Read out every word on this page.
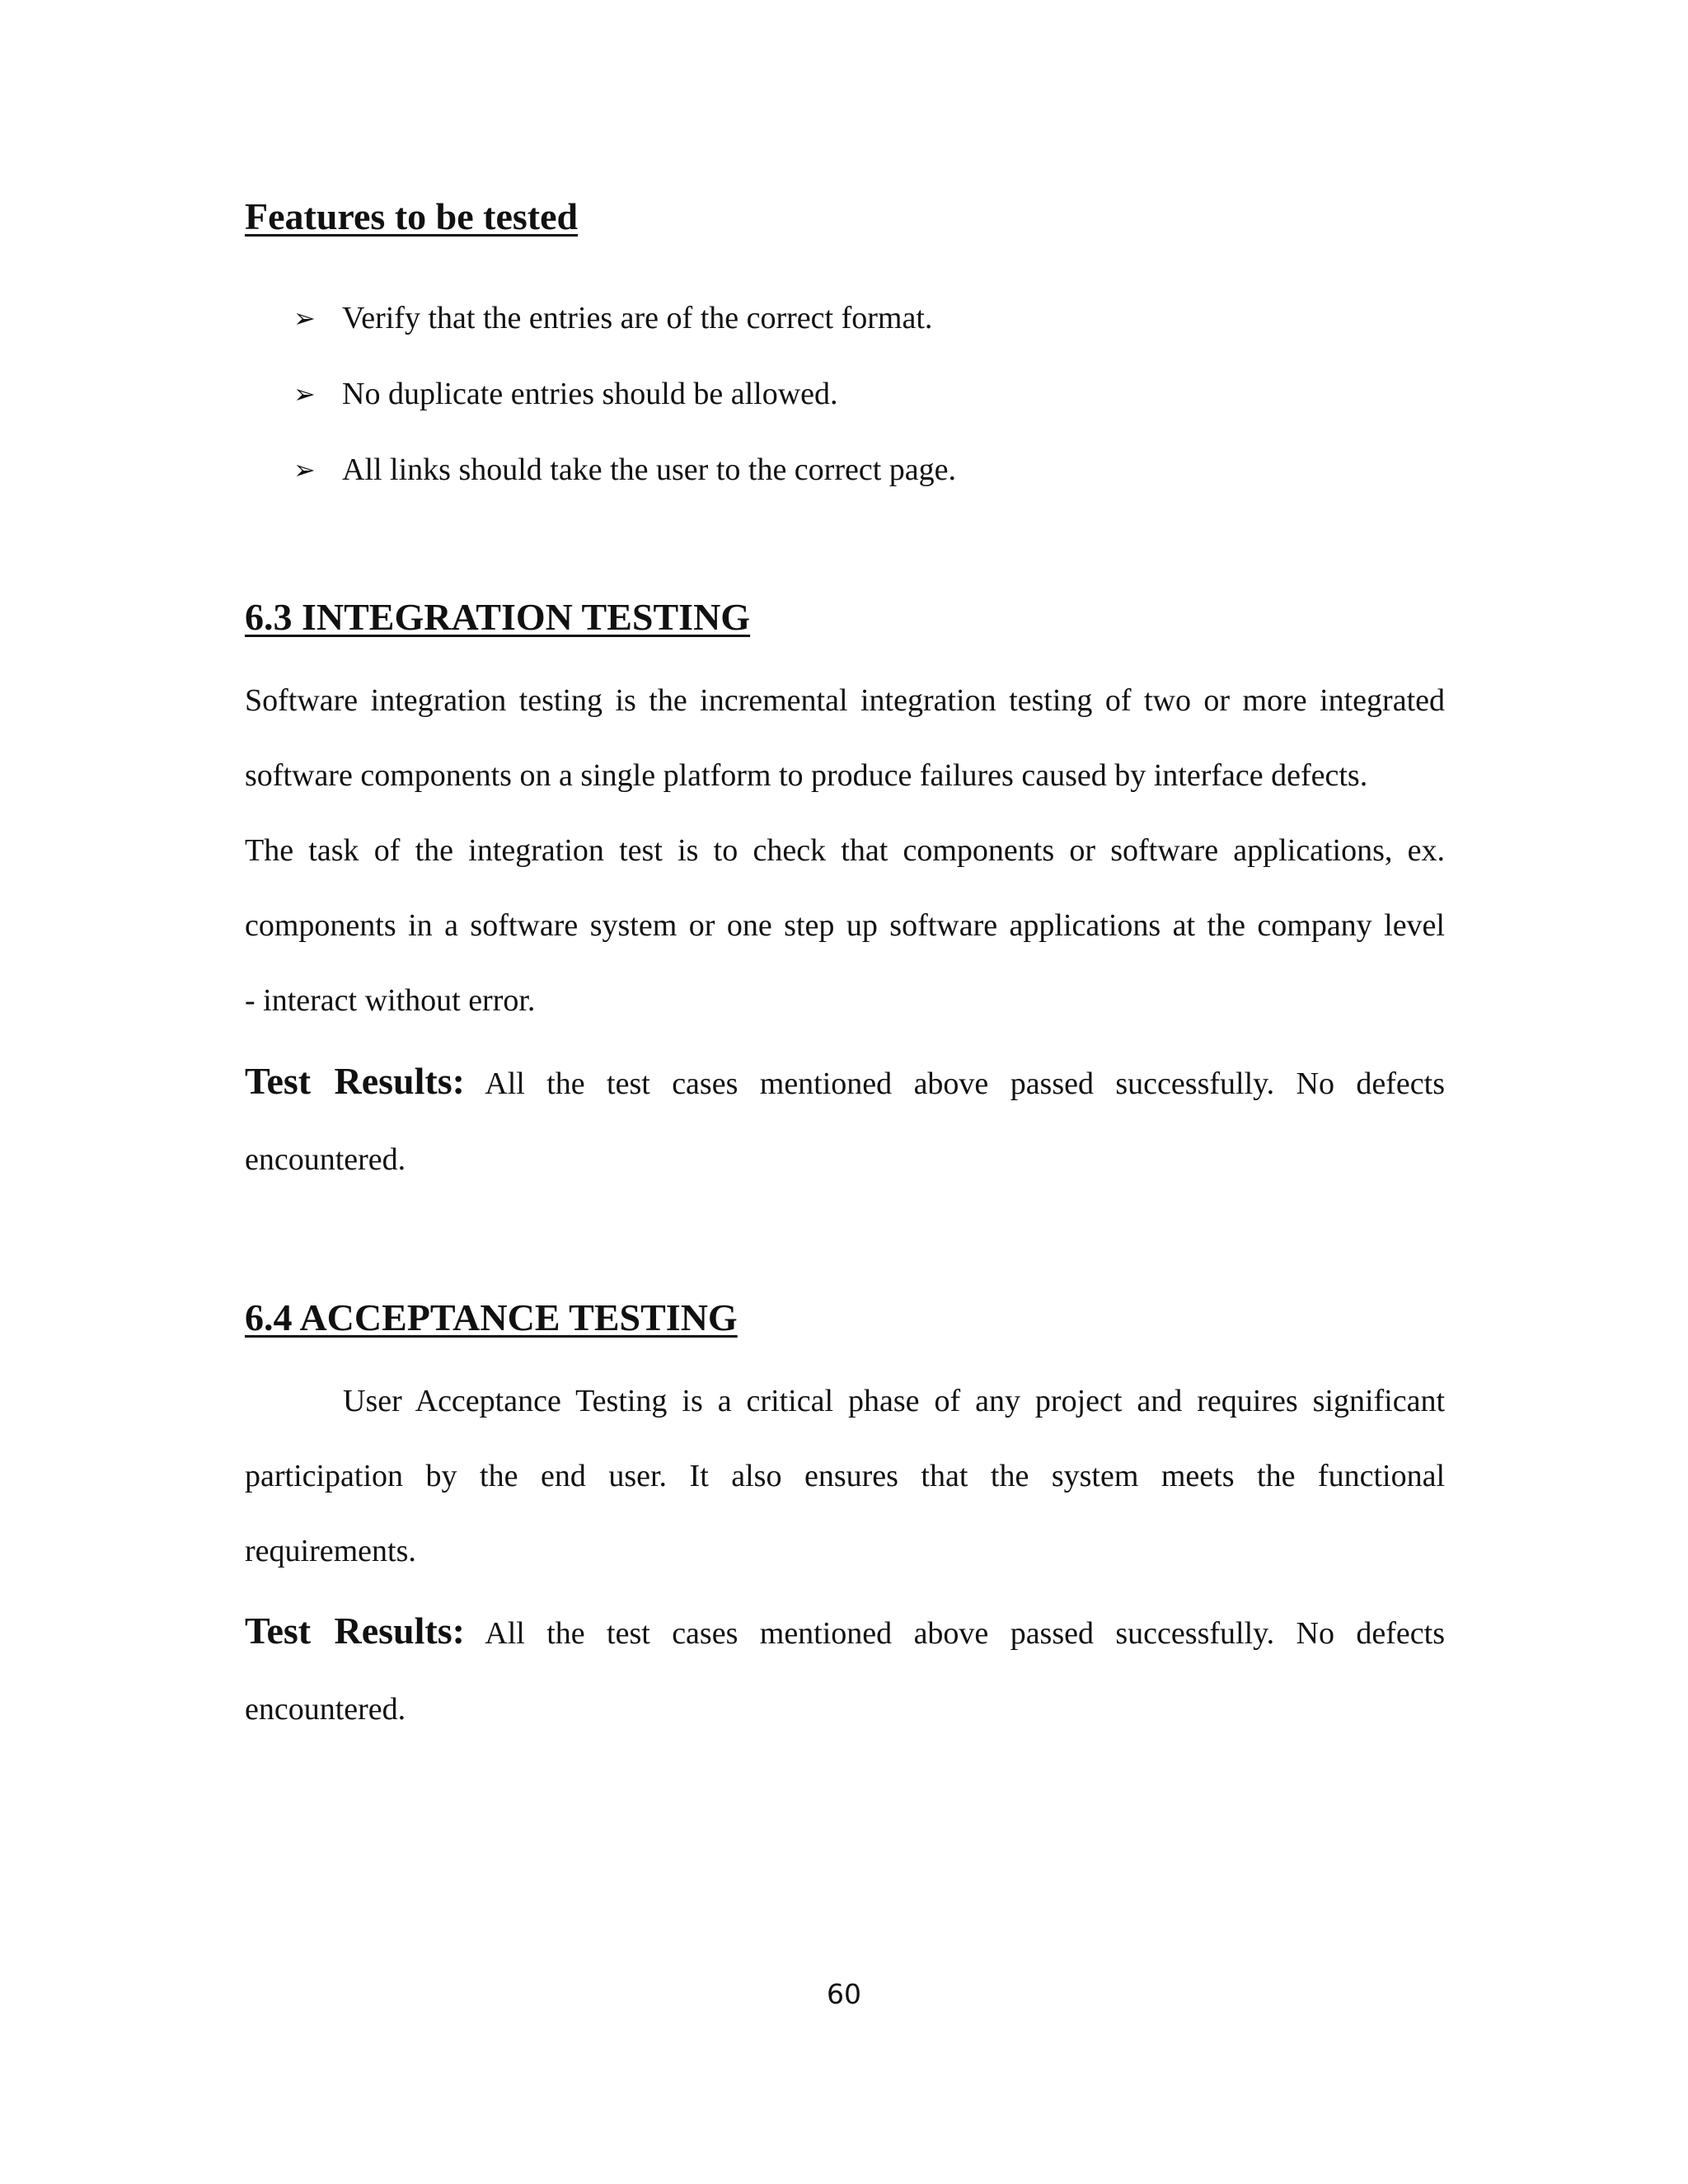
Features to be tested
➢ Verify that the entries are of the correct format.
➢ No duplicate entries should be allowed.
➢ All links should take the user to the correct page.
6.3 INTEGRATION TESTING
Software integration testing is the incremental integration testing of two or more integrated
software components on a single platform to produce failures caused by interface defects.
The task of the integration test is to check that components or software applications, ex.
components in a software system or one step up software applications at the company level
- interact without error.
Test Results: All the test cases mentioned above passed successfully. No defects
encountered.
6.4 ACCEPTANCE TESTING
User Acceptance Testing is a critical phase of any project and requires significant
participation by the end user. It also ensures that the system meets the functional
requirements.
Test Results: All the test cases mentioned above passed successfully. No defects
encountered.
60
